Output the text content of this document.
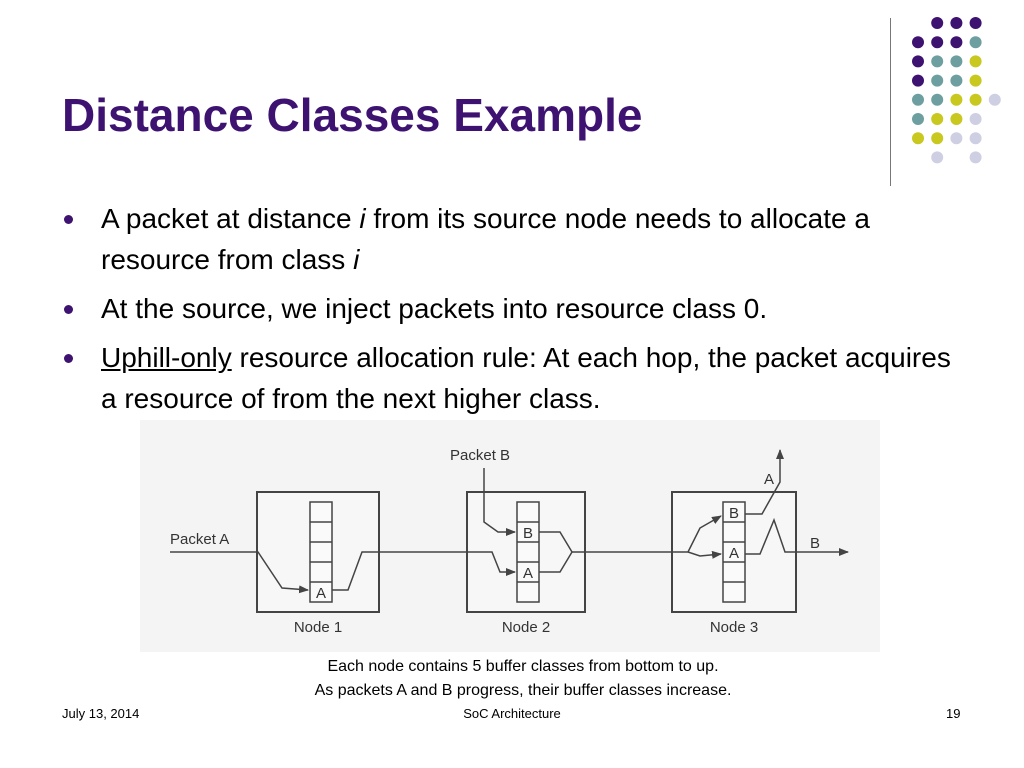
Distance Classes Example
A packet at distance i from its source node needs to allocate a resource from class i
At the source, we inject packets into resource class 0.
Uphill-only resource allocation rule: At each hop, the packet acquires a resource of from the next higher class.
A
B
A
B
A
Packet A
Packet B
A
B
Node 1	Node 2	Node 3
Each node contains 5 buffer classes from bottom to up.
As packets A and B progress, their buffer classes increase.
July 13, 2014	SoC Architecture	19
